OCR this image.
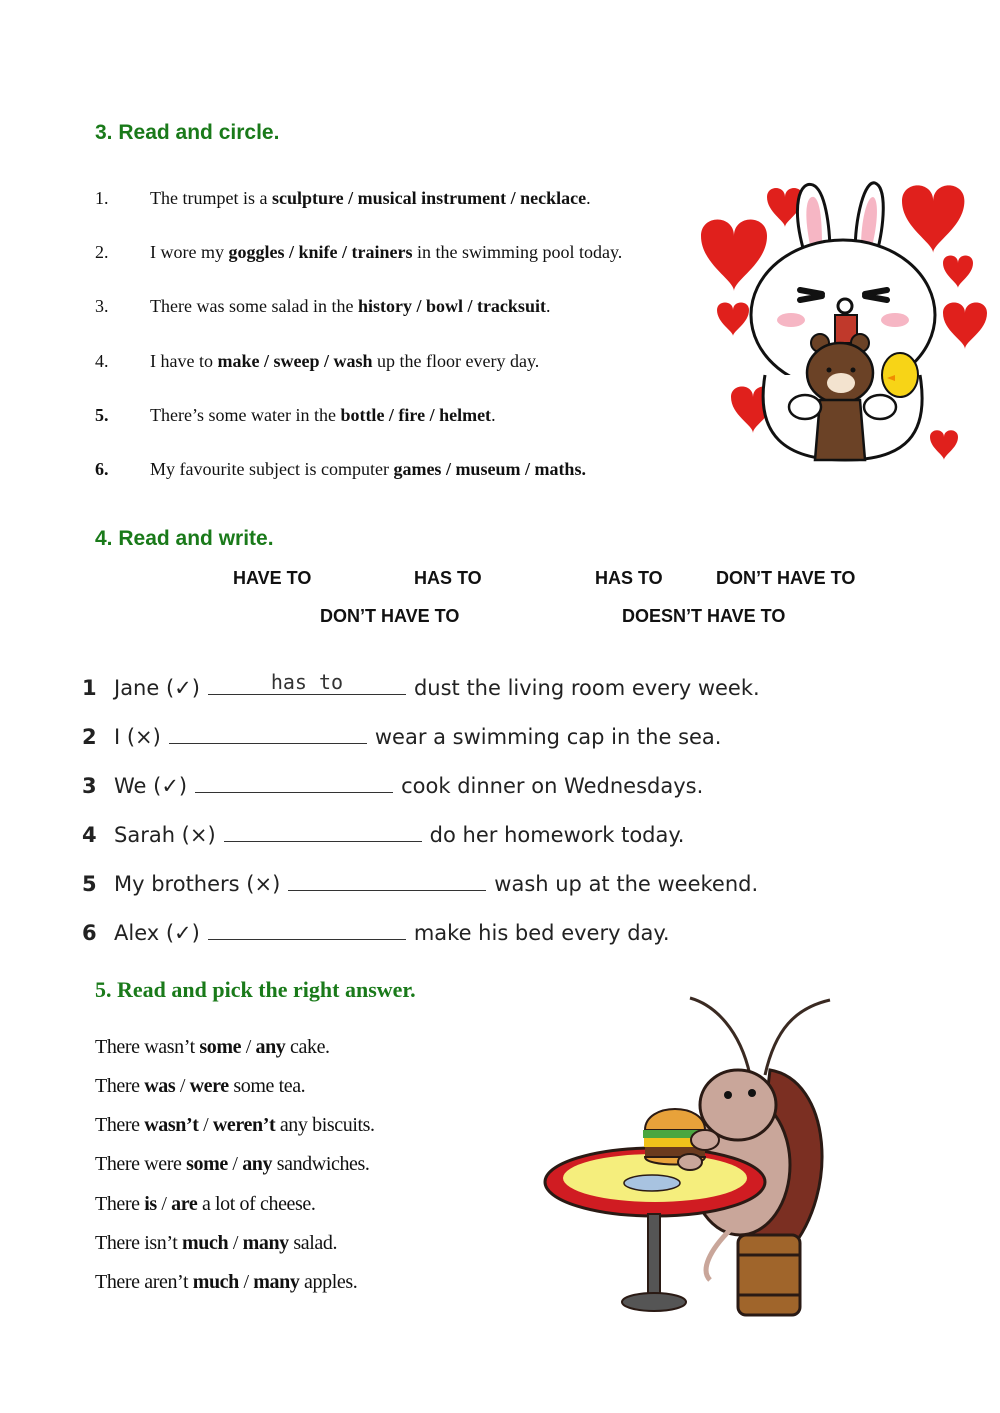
3. Read and circle.
1. The trumpet is a sculpture / musical instrument / necklace.
2. I wore my goggles / knife / trainers in the swimming pool today.
3. There was some salad in the history / bowl / tracksuit.
4. I have to make / sweep / wash up the floor every day.
5. There’s some water in the bottle / fire / helmet.
6. My favourite subject is computer games / museum / maths.
4. Read and write.
HAVE TO	HAS TO	HAS TO	DON’T HAVE TO
DON’T HAVE TO	DOESN’T HAVE TO
1 Jane (✓)	has to	dust the living room every week.
2 I (×)	wear a swimming cap in the sea.
3 We (✓)	cook dinner on Wednesdays.
4 Sarah (×)	do her homework today.
5 My brothers (×)	wash up at the weekend.
6 Alex (✓)	make his bed every day.
5. Read and pick the right answer.
There wasn’t some / any cake.
There was / were some tea.
There wasn’t / weren’t any biscuits.
There were some / any sandwiches.
There is / are a lot of cheese.
There isn’t much / many salad.
There aren’t much / many apples.
